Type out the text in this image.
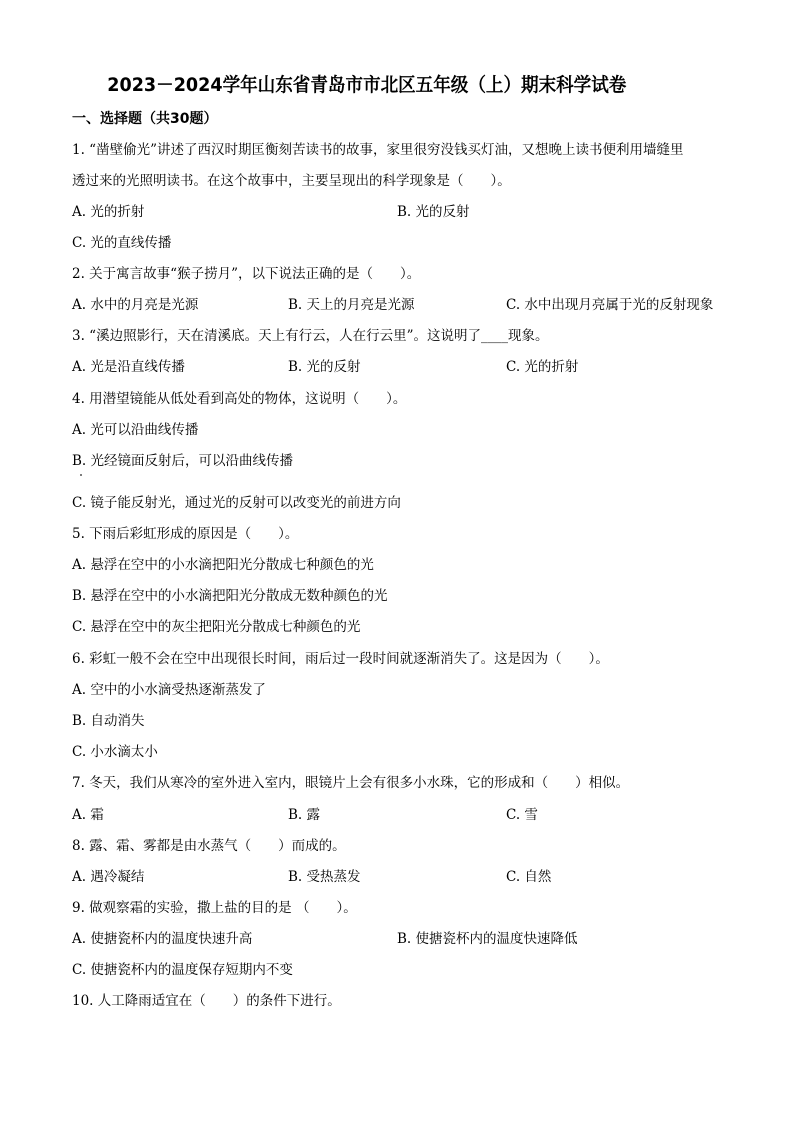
2023－2024学年山东省青岛市市北区五年级（上）期末科学试卷
一、选择题（共30题）
1. “凿壁偷光”讲述了西汉时期匡衡刻苦读书的故事，家里很穷没钱买灯油，又想晚上读书便利用墙缝里
透过来的光照明读书。在这个故事中，主要呈现出的科学现象是（　　）。
A. 光的折射	B. 光的反射
C. 光的直线传播
2. 关于寓言故事“猴子捞月”，以下说法正确的是（　　）。
A. 水中的月亮是光源	B. 天上的月亮是光源	C. 水中出现月亮属于光的反射现象
3. “溪边照影行，天在清溪底。天上有行云，人在行云里”。这说明了____现象。
A. 光是沿直线传播	B. 光的反射	C. 光的折射
4. 用潜望镜能从低处看到高处的物体，这说明（　　）。
A. 光可以沿曲线传播
B. 光经镜面反射后，可以沿曲线传播
C. 镜子能反射光，通过光的反射可以改变光的前进方向
5. 下雨后彩虹形成的原因是（　　）。
A. 悬浮在空中的小水滴把阳光分散成七种颜色的光
B. 悬浮在空中的小水滴把阳光分散成无数种颜色的光
C. 悬浮在空中的灰尘把阳光分散成七种颜色的光
6. 彩虹一般不会在空中出现很长时间，雨后过一段时间就逐渐消失了。这是因为（　　）。
A. 空中的小水滴受热逐渐蒸发了
B. 自动消失
C. 小水滴太小
7. 冬天，我们从寒冷的室外进入室内，眼镜片上会有很多小水珠，它的形成和（　　）相似。
A. 霜	B. 露	C. 雪
8. 露、霜、雾都是由水蒸气（　　）而成的。
A. 遇冷凝结	B. 受热蒸发	C. 自然
9. 做观察霜的实验，撒上盐的目的是 （　　）。
A. 使搪瓷杯内的温度快速升高	B. 使搪瓷杯内的温度快速降低
C. 使搪瓷杯内的温度保存短期内不变
10. 人工降雨适宜在（　　）的条件下进行。
